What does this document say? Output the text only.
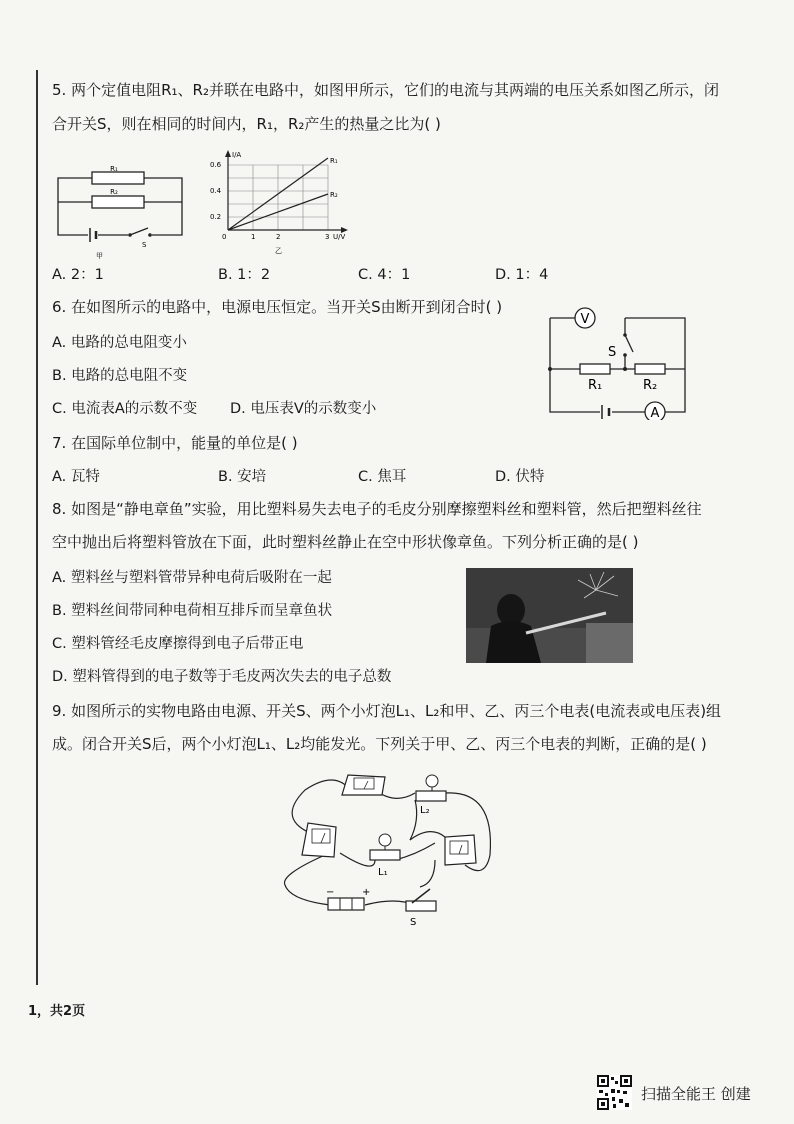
5. 两个定值电阻R₁、R₂并联在电路中，如图甲所示，它们的电流与其两端的电压关系如图乙所示，闭
合开关S，则在相同的时间内，R₁，R₂产生的热量之比为( )
R₁
R₂
S
甲
I/A
0.6
0.4
0.2
0	1	2	3 U/V
R₁
R₂
乙
A. 2：1	B. 1：2	C. 4：1	D. 1：4
6. 在如图所示的电路中，电源电压恒定。当开关S由断开到闭合时( )
A. 电路的总电阻变小
B. 电路的总电阻不变
C. 电流表A的示数不变 D. 电压表V的示数变小
V
A
S
R₁	R₂
7. 在国际单位制中，能量的单位是( )
A. 瓦特	B. 安培	C. 焦耳	D. 伏特
8. 如图是“静电章鱼”实验，用比塑料易失去电子的毛皮分别摩擦塑料丝和塑料管，然后把塑料丝往
空中抛出后将塑料管放在下面，此时塑料丝静止在空中形状像章鱼。下列分析正确的是( )
A. 塑料丝与塑料管带异种电荷后吸附在一起
B. 塑料丝间带同种电荷相互排斥而呈章鱼状
C. 塑料管经毛皮摩擦得到电子后带正电
D. 塑料管得到的电子数等于毛皮两次失去的电子总数
9. 如图所示的实物电路由电源、开关S、两个小灯泡L₁、L₂和甲、乙、丙三个电表(电流表或电压表)组
成。闭合开关S后，两个小灯泡L₁、L₂均能发光。下列关于甲、乙、丙三个电表的判断，正确的是( )
L₂
L₁
S
−	+
1，共2页
扫描全能王 创建
